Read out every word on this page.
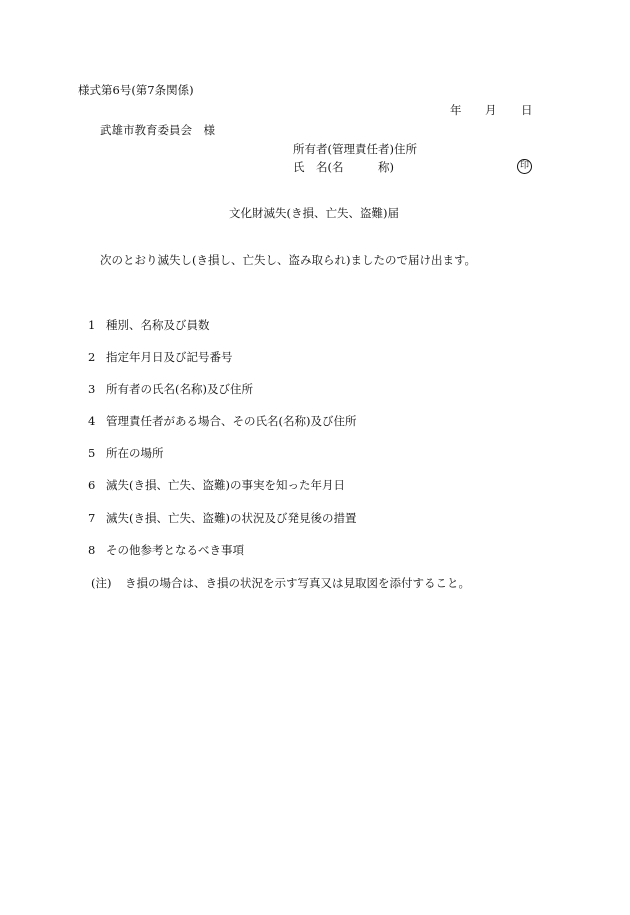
様式第6号(第7条関係)
年 月 日
武雄市教育委員会　様
所有者(管理責任者)住所
氏　名(名　　　称)	印
文化財滅失(き損、亡失、盗難)届
次のとおり滅失し(き損し、亡失し、盗み取られ)ましたので届け出ます。
1 種別、名称及び員数
2 指定年月日及び記号番号
3 所有者の氏名(名称)及び住所
4 管理責任者がある場合、その氏名(名称)及び住所
5 所在の場所
6 滅失(き損、亡失、盗難)の事実を知った年月日
7 滅失(き損、亡失、盗難)の状況及び発見後の措置
8 その他参考となるべき事項
(注) き損の場合は、き損の状況を示す写真又は見取図を添付すること。
